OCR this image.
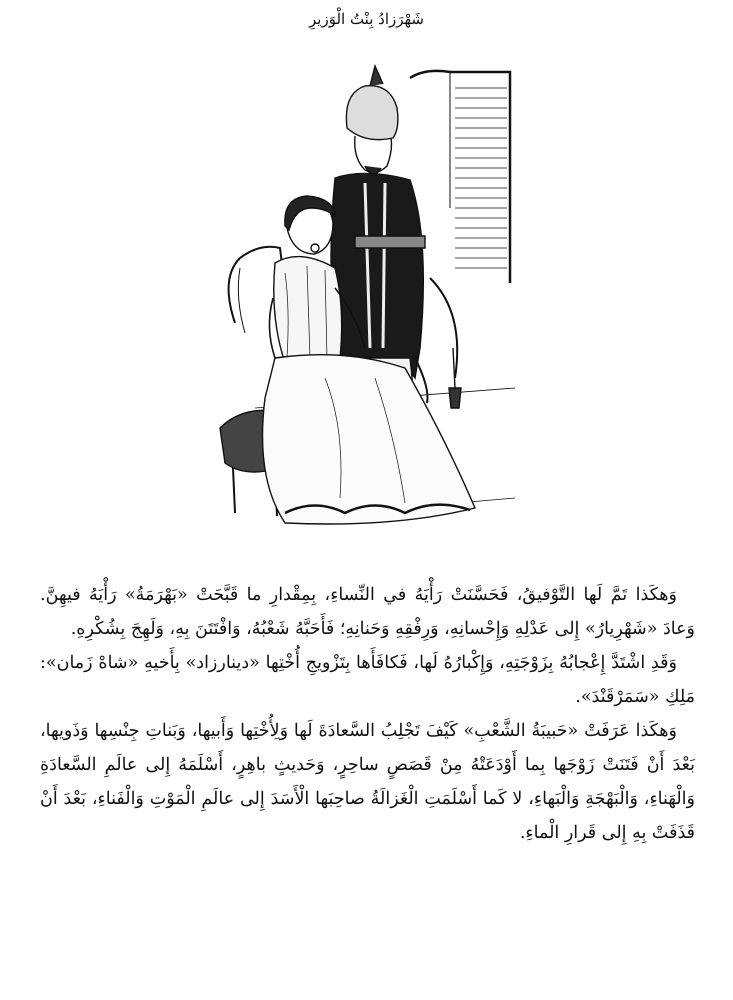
شَهْرَزادُ بِنْتُ الْوَزيرِ

وَهكَذا تَمَّ لَها التَّوْفيقُ، فَحَسَّنَتْ رَأْيَهُ في النِّساءِ، بِمِقْدارِ ما قَبَّحَتْ «بَهْرَمَةُ» رَأْيَهُ فيهِنَّ. وَعادَ «شَهْرِيارُ» إِلى عَدْلِهِ وَإِحْسانِهِ، وَرِفْقِهِ وَحَنانِهِ؛ فَأَحَبَّهُ شَعْبُهُ، وَافْتَتَنَ بِهِ، وَلَهِجَ بِشُكْرِهِ.

وَقَدِ اشْتَدَّ إِعْجابُهُ بِزَوْجَتِهِ، وَإِكْبارُهُ لَها، فَكافَأَها بِتَزْويجِ أُخْتِها «دينارزاد» بِأَخيهِ «شاهْ زَمان»: مَلِكِ «سَمَرْقَنْدَ».

وَهكَذا عَرَفَتْ «حَبيبَةُ الشَّعْبِ» كَيْفَ تَجْلِبُ السَّعادَةَ لَها وَلِأُخْتِها وَأَبيها، وَبَناتِ جِنْسِها وَذَويها، بَعْدَ أَنْ فَتَنَتْ زَوْجَها بِما أَوْدَعَتْهُ مِنْ قَصَصٍ ساحِرٍ، وَحَديثٍ باهِرٍ، أَسْلَمَهُ إِلى عالَمِ السَّعادَةِ وَالْهَناءِ، وَالْبَهْجَةِ وَالْبَهاءِ، لا كَما أَسْلَمَتِ الْغَزالَةُ صاحِبَها الْأَسَدَ إِلى عالَمِ الْمَوْتِ وَالْفَناءِ، بَعْدَ أَنْ قَذَفَتْ بِهِ إِلى قَرارِ الْماءِ.
